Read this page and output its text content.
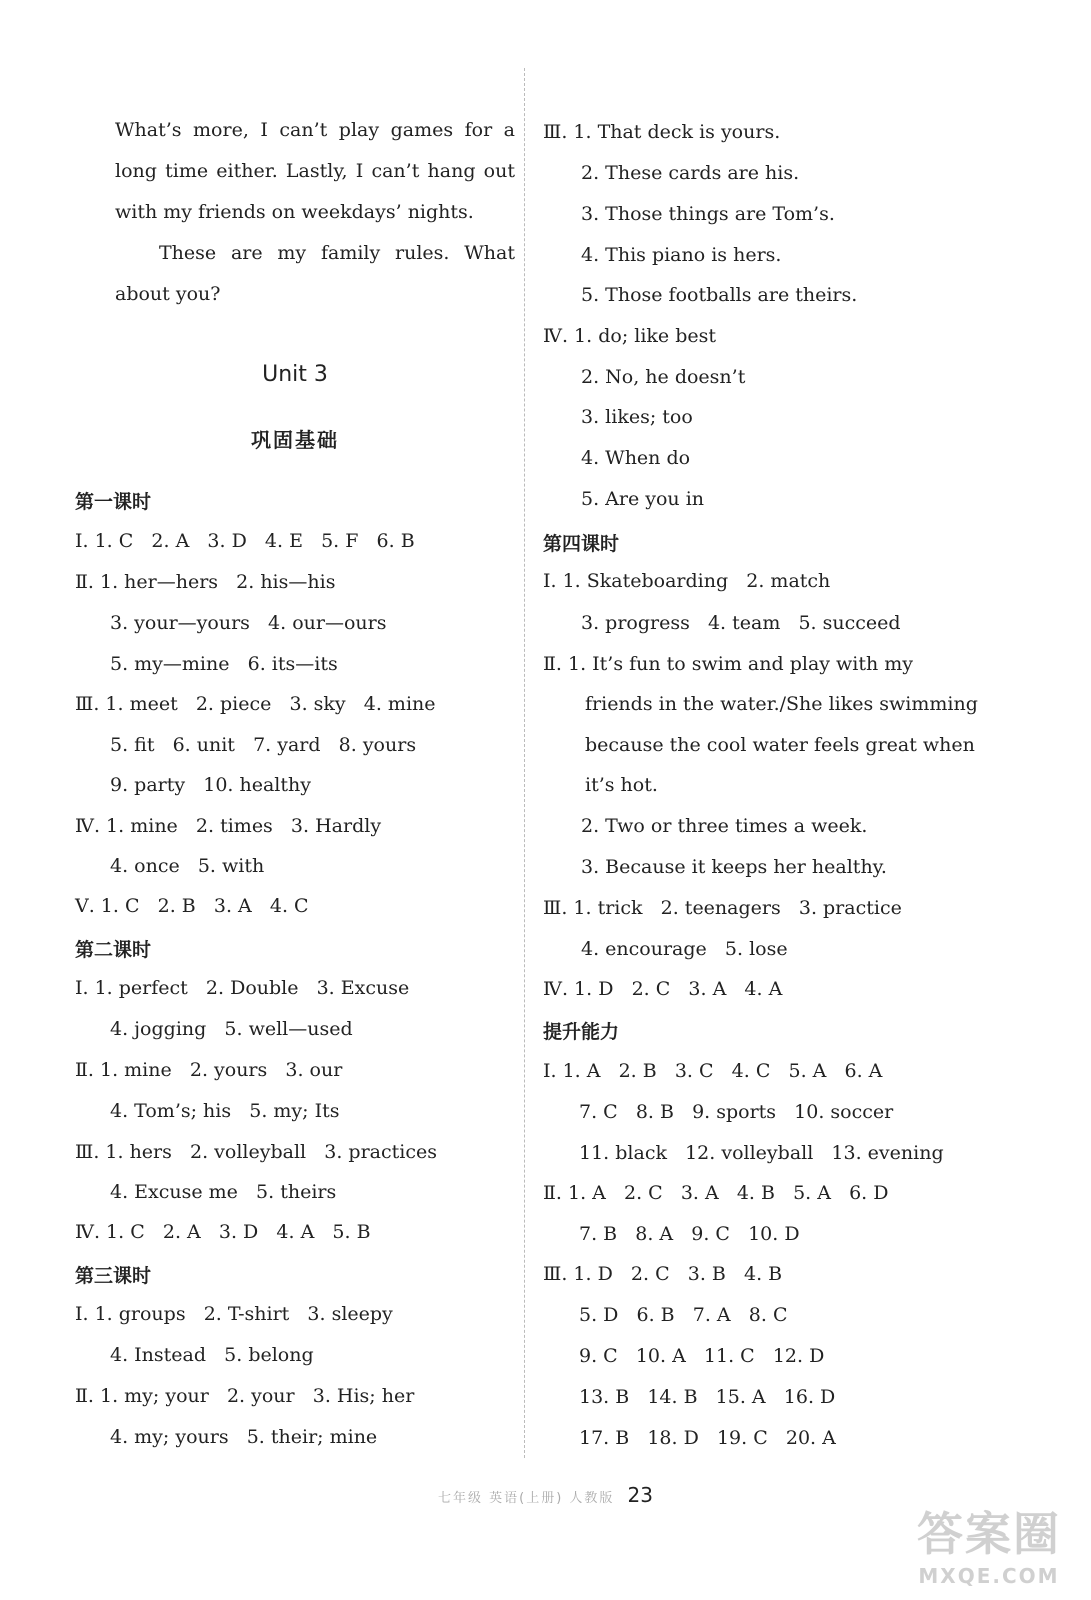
What’s more, I can’t play games for a long time either. Lastly, I can’t hang out with my friends on weekdays’ nights.

These are my family rules. What about you?

Unit 3
巩固基础
第一课时
Ⅰ. 1. C   2. A   3. D   4. E   5. F   6. B
Ⅱ. 1. her—hers   2. his—his
3. your—yours   4. our—ours
5. my—mine   6. its—its
Ⅲ. 1. meet   2. piece   3. sky   4. mine
5. fit   6. unit   7. yard   8. yours
9. party   10. healthy
Ⅳ. 1. mine   2. times   3. Hardly
4. once   5. with
Ⅴ. 1. C   2. B   3. A   4. C
第二课时
Ⅰ. 1. perfect   2. Double   3. Excuse
4. jogging   5. well—used
Ⅱ. 1. mine   2. yours   3. our
4. Tom’s; his   5. my; Its
Ⅲ. 1. hers   2. volleyball   3. practices
4. Excuse me   5. theirs
Ⅳ. 1. C   2. A   3. D   4. A   5. B
第三课时
Ⅰ. 1. groups   2. T-shirt   3. sleepy
4. Instead   5. belong
Ⅱ. 1. my; your   2. your   3. His; her
4. my; yours   5. their; mine
Ⅲ. 1. That deck is yours.
2. These cards are his.
3. Those things are Tom’s.
4. This piano is hers.
5. Those footballs are theirs.
Ⅳ. 1. do; like best
2. No, he doesn’t
3. likes; too
4. When do
5. Are you in
第四课时
Ⅰ. 1. Skateboarding   2. match
3. progress   4. team   5. succeed
Ⅱ. 1. It’s fun to swim and play with my
friends in the water./She likes swimming
because the cool water feels great when
it’s hot.
2. Two or three times a week.
3. Because it keeps her healthy.
Ⅲ. 1. trick   2. teenagers   3. practice
4. encourage   5. lose
Ⅳ. 1. D   2. C   3. A   4. A
提升能力
Ⅰ. 1. A   2. B   3. C   4. C   5. A   6. A
7. C   8. B   9. sports   10. soccer
11. black   12. volleyball   13. evening
Ⅱ. 1. A   2. C   3. A   4. B   5. A   6. D
7. B   8. A   9. C   10. D
Ⅲ. 1. D   2. C   3. B   4. B
5. D   6. B   7. A   8. C
9. C   10. A   11. C   12. D
13. B   14. B   15. A   16. D
17. B   18. D   19. C   20. A
七年级 英语(上册) 人教版 23
答案圈
MXQE.COM
